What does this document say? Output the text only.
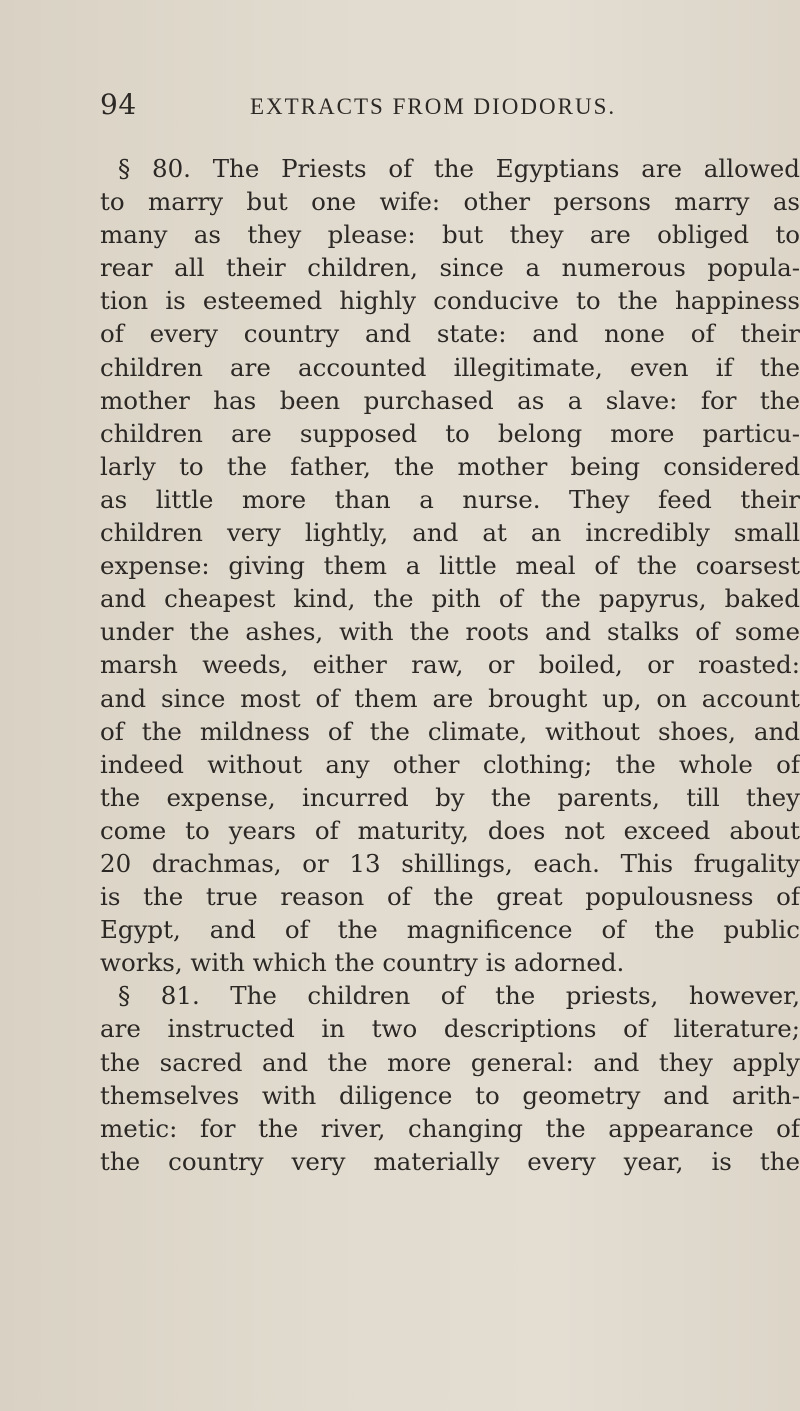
94	EXTRACTS FROM DIODORUS.
§ 80. The Priests of the Egyptians are allowed
to marry but one wife: other persons marry as
many as they please: but they are obliged to
rear all their children, since a numerous popula-
tion is esteemed highly conducive to the happiness
of every country and state: and none of their
children are accounted illegitimate, even if the
mother has been purchased as a slave: for the
children are supposed to belong more particu-
larly to the father, the mother being considered
as little more than a nurse. They feed their
children very lightly, and at an incredibly small
expense: giving them a little meal of the coarsest
and cheapest kind, the pith of the papyrus, baked
under the ashes, with the roots and stalks of some
marsh weeds, either raw, or boiled, or roasted:
and since most of them are brought up, on account
of the mildness of the climate, without shoes, and
indeed without any other clothing; the whole of
the expense, incurred by the parents, till they
come to years of maturity, does not exceed about
20 drachmas, or 13 shillings, each. This frugality
is the true reason of the great populousness of
Egypt, and of the magnificence of the public
works, with which the country is adorned.
§ 81. The children of the priests, however,
are instructed in two descriptions of literature;
the sacred and the more general: and they apply
themselves with diligence to geometry and arith-
metic: for the river, changing the appearance of
the country very materially every year, is the
